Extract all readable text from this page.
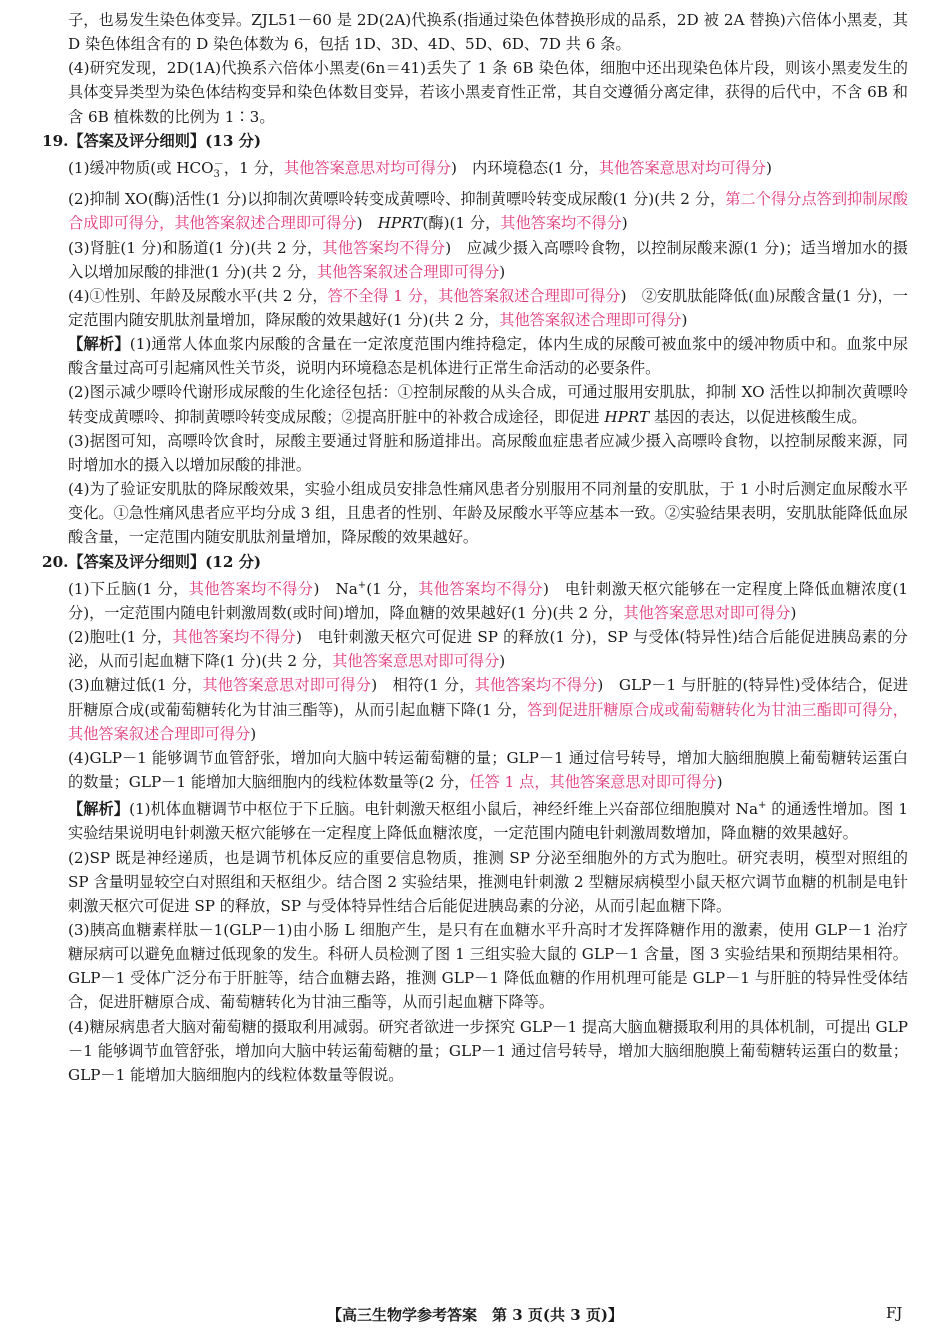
子，也易发生染色体变异。ZJL51－60 是 2D(2A)代换系(指通过染色体替换形成的品系，2D 被 2A 替换)六倍体小黑麦，其 D 染色体组含有的 D 染色体数为 6，包括 1D、3D、4D、5D、6D、7D 共 6 条。

(4)研究发现，2D(1A)代换系六倍体小黑麦(6n＝41)丢失了 1 条 6B 染色体，细胞中还出现染色体片段，则该小黑麦发生的具体变异类型为染色体结构变异和染色体数目变异，若该小黑麦育性正常，其自交遵循分离定律，获得的后代中，不含 6B 和含 6B 植株数的比例为 1∶3。

19.【答案及评分细则】(13 分)

(1)缓冲物质(或 $HCO_3^-$，1 分，其他答案意思对均可得分)　内环境稳态(1 分，其他答案意思对均可得分)

(2)抑制 XO(酶)活性(1 分)以抑制次黄嘌呤转变成黄嘌呤、抑制黄嘌呤转变成尿酸(1 分)(共 2 分，第二个得分点答到抑制尿酸合成即可得分，其他答案叙述合理即可得分)　HPRT(酶)(1 分，其他答案均不得分)

(3)肾脏(1 分)和肠道(1 分)(共 2 分，其他答案均不得分)　应减少摄入高嘌呤食物，以控制尿酸来源(1 分)；适当增加水的摄入以增加尿酸的排泄(1 分)(共 2 分，其他答案叙述合理即可得分)

(4)①性别、年龄及尿酸水平(共 2 分，答不全得 1 分，其他答案叙述合理即可得分)　②安肌肽能降低(血)尿酸含量(1 分)，一定范围内随安肌肽剂量增加，降尿酸的效果越好(1 分)(共 2 分，其他答案叙述合理即可得分)

【解析】(1)通常人体血浆内尿酸的含量在一定浓度范围内维持稳定，体内生成的尿酸可被血浆中的缓冲物质中和。血浆中尿酸含量过高可引起痛风性关节炎，说明内环境稳态是机体进行正常生命活动的必要条件。

(2)图示减少嘌呤代谢形成尿酸的生化途径包括：①控制尿酸的从头合成，可通过服用安肌肽，抑制 XO 活性以抑制次黄嘌呤转变成黄嘌呤、抑制黄嘌呤转变成尿酸；②提高肝脏中的补救合成途径，即促进 HPRT 基因的表达，以促进核酸生成。

(3)据图可知，高嘌呤饮食时，尿酸主要通过肾脏和肠道排出。高尿酸血症患者应减少摄入高嘌呤食物，以控制尿酸来源，同时增加水的摄入以增加尿酸的排泄。

(4)为了验证安肌肽的降尿酸效果，实验小组成员安排急性痛风患者分别服用不同剂量的安肌肽，于 1 小时后测定血尿酸水平变化。①急性痛风患者应平均分成 3 组，且患者的性别、年龄及尿酸水平等应基本一致。②实验结果表明，安肌肽能降低血尿酸含量，一定范围内随安肌肽剂量增加，降尿酸的效果越好。

20.【答案及评分细则】(12 分)

(1)下丘脑(1 分，其他答案均不得分)　Na+(1 分，其他答案均不得分)　电针刺激天枢穴能够在一定程度上降低血糖浓度(1 分)，一定范围内随电针刺激周数(或时间)增加，降血糖的效果越好(1 分)(共 2 分，其他答案意思对即可得分)

(2)胞吐(1 分，其他答案均不得分)　电针刺激天枢穴可促进 SP 的释放(1 分)，SP 与受体(特异性)结合后能促进胰岛素的分泌，从而引起血糖下降(1 分)(共 2 分，其他答案意思对即可得分)

(3)血糖过低(1 分，其他答案意思对即可得分)　相符(1 分，其他答案均不得分)　GLP－1 与肝脏的(特异性)受体结合，促进肝糖原合成(或葡萄糖转化为甘油三酯等)，从而引起血糖下降(1 分，答到促进肝糖原合成或葡萄糖转化为甘油三酯即可得分，其他答案叙述合理即可得分)

(4)GLP－1 能够调节血管舒张，增加向大脑中转运葡萄糖的量；GLP－1 通过信号转导，增加大脑细胞膜上葡萄糖转运蛋白的数量；GLP－1 能增加大脑细胞内的线粒体数量等(2 分，任答 1 点，其他答案意思对即可得分)

【解析】(1)机体血糖调节中枢位于下丘脑。电针刺激天枢组小鼠后，神经纤维上兴奋部位细胞膜对 Na+ 的通透性增加。图 1 实验结果说明电针刺激天枢穴能够在一定程度上降低血糖浓度，一定范围内随电针刺激周数增加，降血糖的效果越好。

(2)SP 既是神经递质，也是调节机体反应的重要信息物质，推测 SP 分泌至细胞外的方式为胞吐。研究表明，模型对照组的 SP 含量明显较空白对照组和天枢组少。结合图 2 实验结果，推测电针刺激 2 型糖尿病模型小鼠天枢穴调节血糖的机制是电针刺激天枢穴可促进 SP 的释放，SP 与受体特异性结合后能促进胰岛素的分泌，从而引起血糖下降。

(3)胰高血糖素样肽－1(GLP－1)由小肠 L 细胞产生，是只有在血糖水平升高时才发挥降糖作用的激素，使用 GLP－1 治疗糖尿病可以避免血糖过低现象的发生。科研人员检测了图 1 三组实验大鼠的 GLP－1 含量，图 3 实验结果和预期结果相符。GLP－1 受体广泛分布于肝脏等，结合血糖去路，推测 GLP－1 降低血糖的作用机理可能是 GLP－1 与肝脏的特异性受体结合，促进肝糖原合成、葡萄糖转化为甘油三酯等，从而引起血糖下降等。

(4)糖尿病患者大脑对葡萄糖的摄取利用减弱。研究者欲进一步探究 GLP－1 提高大脑血糖摄取利用的具体机制，可提出 GLP－1 能够调节血管舒张，增加向大脑中转运葡萄糖的量；GLP－1 通过信号转导，增加大脑细胞膜上葡萄糖转运蛋白的数量；GLP－1 能增加大脑细胞内的线粒体数量等假说。

【高三生物学参考答案　第 3 页(共 3 页)】	FJ
